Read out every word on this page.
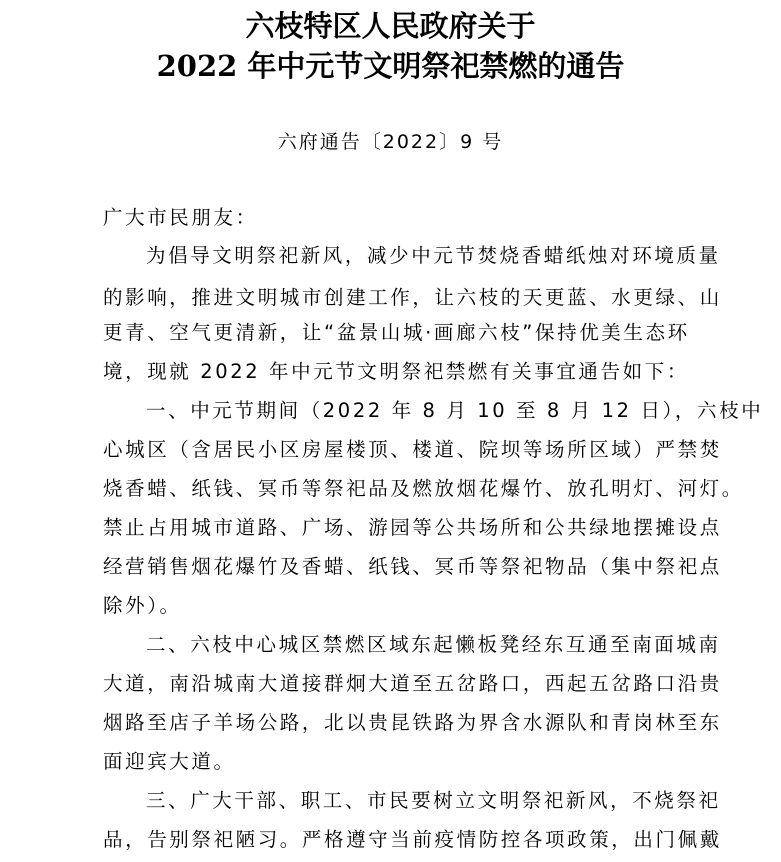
六枝特区人民政府关于
2022 年中元节文明祭祀禁燃的通告
六府通告〔2022〕9 号
广大市民朋友：
为倡导文明祭祀新风，减少中元节焚烧香蜡纸烛对环境质量
的影响，推进文明城市创建工作，让六枝的天更蓝、水更绿、山
更青、空气更清新，让“盆景山城·画廊六枝”保持优美生态环
境，现就 2022 年中元节文明祭祀禁燃有关事宜通告如下：
一、中元节期间（2022 年 8 月 10 至 8 月 12 日），六枝中
心城区（含居民小区房屋楼顶、楼道、院坝等场所区域）严禁焚
烧香蜡、纸钱、冥币等祭祀品及燃放烟花爆竹、放孔明灯、河灯。
禁止占用城市道路、广场、游园等公共场所和公共绿地摆摊设点
经营销售烟花爆竹及香蜡、纸钱、冥币等祭祀物品（集中祭祀点
除外）。
二、六枝中心城区禁燃区域东起懒板凳经东互通至南面城南
大道，南沿城南大道接群炯大道至五岔路口，西起五岔路口沿贵
烟路至店子羊场公路，北以贵昆铁路为界含水源队和青岗林至东
面迎宾大道。
三、广大干部、职工、市民要树立文明祭祀新风，不烧祭祀
品，告别祭祀陋习。严格遵守当前疫情防控各项政策，出门佩戴
